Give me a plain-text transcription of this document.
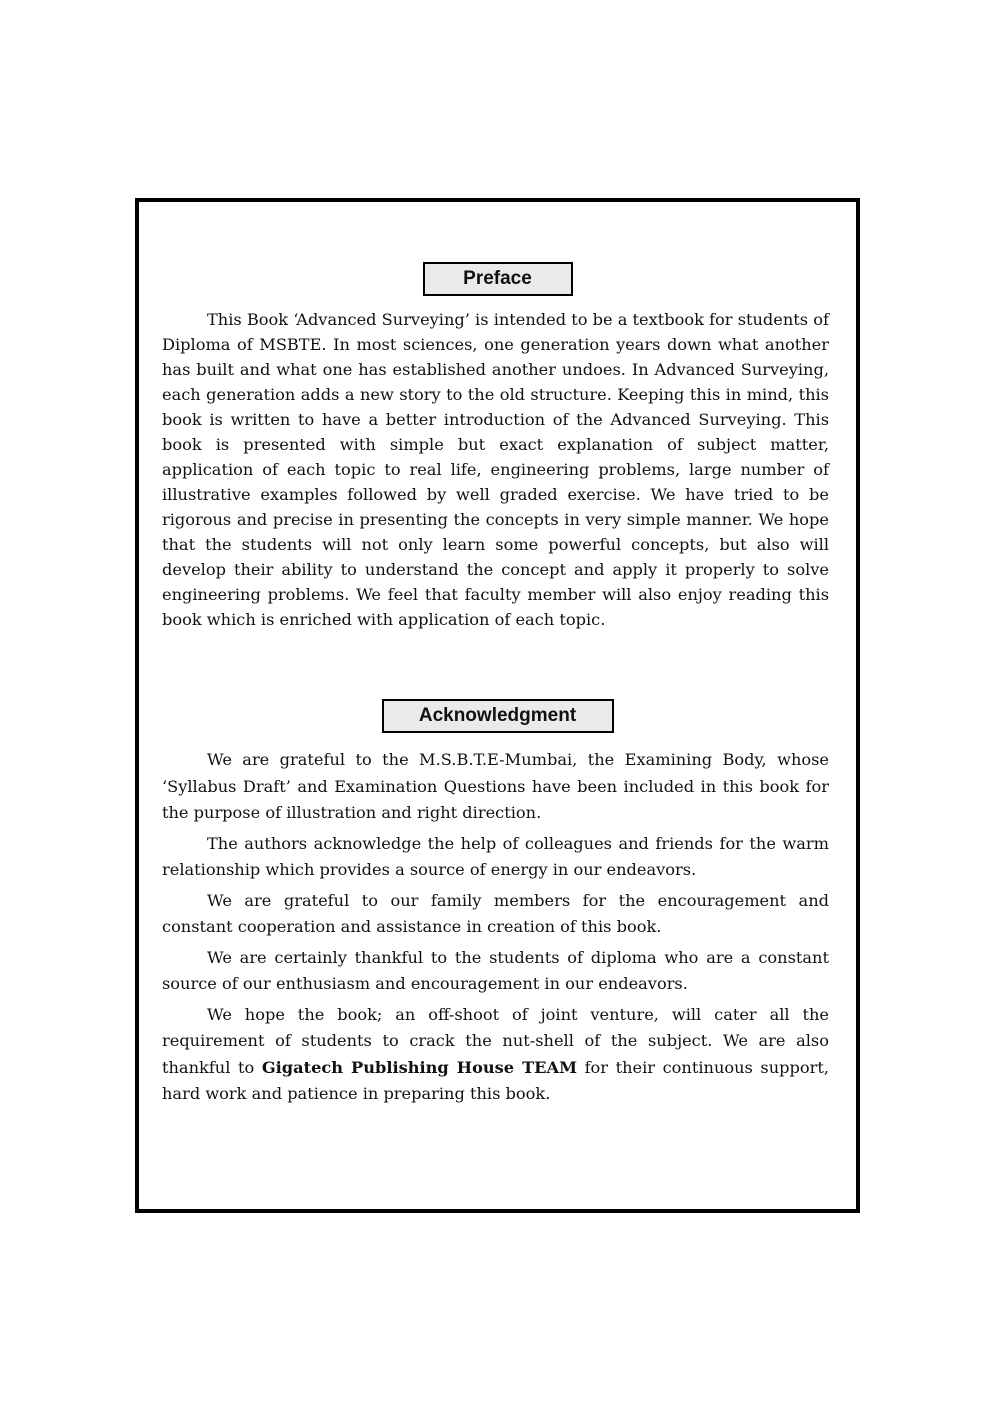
Preface

This Book ‘Advanced Surveying’ is intended to be a textbook for students of Diploma of MSBTE. In most sciences, one generation years down what another has built and what one has established another undoes. In Advanced Surveying, each generation adds a new story to the old structure. Keeping this in mind, this book is written to have a better introduction of the Advanced Surveying. This book is presented with simple but exact explanation of subject matter, application of each topic to real life, engineering problems, large number of illustrative examples followed by well graded exercise. We have tried to be rigorous and precise in presenting the concepts in very simple manner. We hope that the students will not only learn some powerful concepts, but also will develop their ability to understand the concept and apply it properly to solve engineering problems. We feel that faculty member will also enjoy reading this book which is enriched with application of each topic.

Acknowledgment

We are grateful to the M.S.B.T.E-Mumbai, the Examining Body, whose ‘Syllabus Draft’ and Examination Questions have been included in this book for the purpose of illustration and right direction.

The authors acknowledge the help of colleagues and friends for the warm relationship which provides a source of energy in our endeavors.

We are grateful to our family members for the encouragement and constant cooperation and assistance in creation of this book.

We are certainly thankful to the students of diploma who are a constant source of our enthusiasm and encouragement in our endeavors.

We hope the book; an off-shoot of joint venture, will cater all the requirement of students to crack the nut-shell of the subject. We are also thankful to Gigatech Publishing House TEAM for their continuous support, hard work and patience in preparing this book.
